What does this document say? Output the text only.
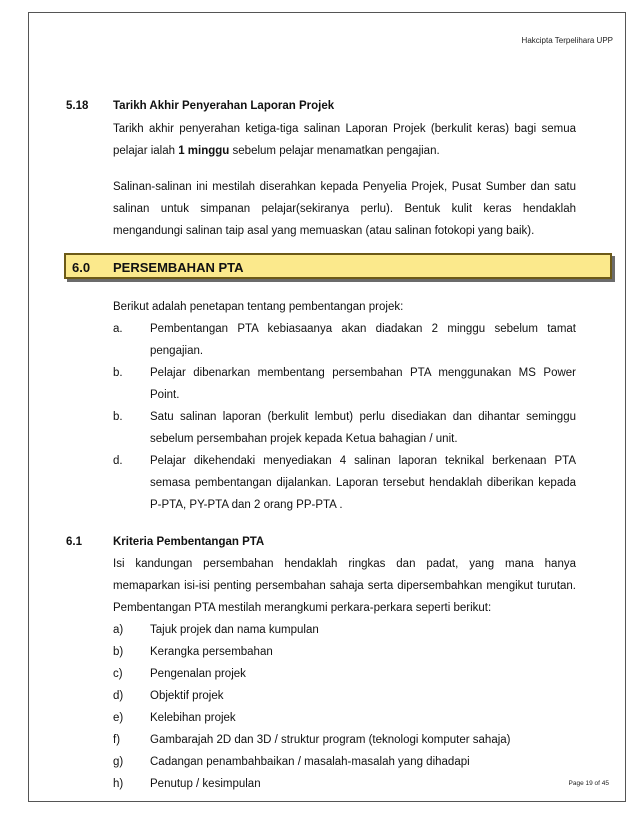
Hakcipta Terpelihara UPP
Page 19 of 45
5.18 Tarikh Akhir Penyerahan Laporan Projek
Tarikh akhir penyerahan ketiga-tiga salinan Laporan Projek (berkulit keras) bagi semua
pelajar ialah 1 minggu sebelum pelajar menamatkan pengajian.
Salinan-salinan ini mestilah diserahkan kepada Penyelia Projek, Pusat Sumber dan satu
salinan untuk simpanan pelajar(sekiranya perlu). Bentuk kulit keras hendaklah
mengandungi salinan taip asal yang memuaskan (atau salinan fotokopi yang baik).
6.0 PERSEMBAHAN PTA
Berikut adalah penetapan tentang pembentangan projek:
a. Pembentangan PTA kebiasaanya akan diadakan 2 minggu sebelum tamat
pengajian.
b. Pelajar dibenarkan membentang persembahan PTA menggunakan MS Power
Point.
b. Satu salinan laporan (berkulit lembut) perlu disediakan dan dihantar seminggu
sebelum persembahan projek kepada Ketua bahagian / unit.
d. Pelajar dikehendaki menyediakan 4 salinan laporan teknikal berkenaan PTA
semasa pembentangan dijalankan. Laporan tersebut hendaklah diberikan kepada
P-PTA, PY-PTA dan 2 orang PP-PTA .
6.1	Kriteria Pembentangan PTA
Isi kandungan persembahan hendaklah ringkas dan padat, yang mana hanya
memaparkan isi-isi penting persembahan sahaja serta dipersembahkan mengikut turutan.
Pembentangan PTA mestilah merangkumi perkara-perkara seperti berikut:
a) Tajuk projek dan nama kumpulan
b) Kerangka persembahan
c) Pengenalan projek
d) Objektif projek
e) Kelebihan projek
f)	Gambarajah 2D dan 3D / struktur program (teknologi komputer sahaja)
g) Cadangan penambahbaikan / masalah-masalah yang dihadapi
h) Penutup / kesimpulan
